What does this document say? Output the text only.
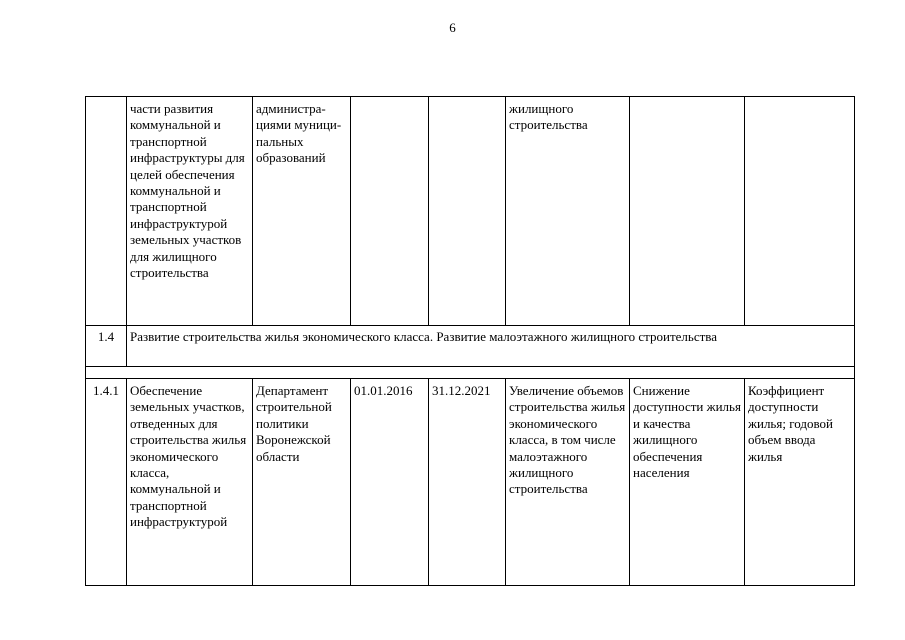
6
	части развития коммунальной и транспортной инфраструктуры для целей обеспечения коммунальной и транспортной инфраструктурой земельных участков для жилищного строительства	администра-циями муници-пальных образований			жилищного строительства		
1.4	Развитие строительства жилья экономического класса. Развитие малоэтажного жилищного строительства						

1.4.1	Обеспечение земельных участков, отведенных для строительства жилья экономического класса, коммунальной и транспортной инфраструктурой	Департамент строительной политики Воронежской области	01.01.2016	31.12.2021	Увеличение объемов строительства жилья экономического класса, в том числе малоэтажного жилищного строительства	Снижение доступности жилья и качества жилищного обеспечения населения	Коэффициент доступности жилья; годовой объем ввода жилья
